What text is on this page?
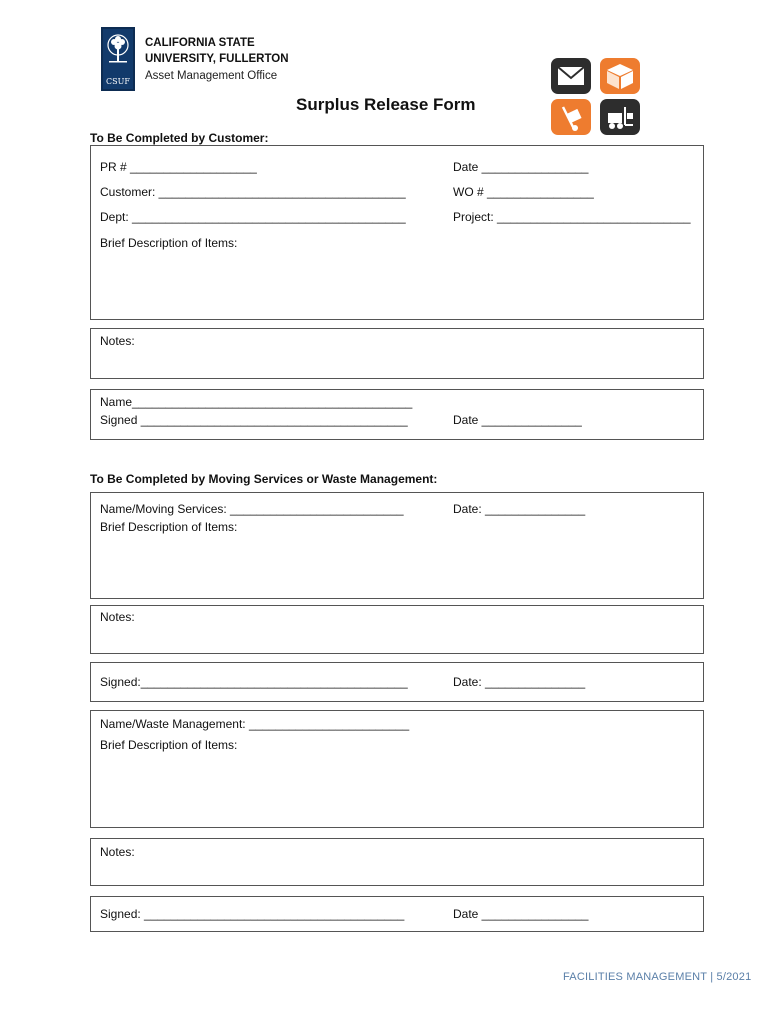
CSUF
CALIFORNIA STATE
UNIVERSITY, FULLERTON
Asset Management Office
Surplus Release Form
To Be Completed by Customer:
PR # ___________________	Date ________________
Customer: _____________________________________	WO # ________________
Dept: _________________________________________	Project: _____________________________
Brief Description of Items:
Notes:
Name__________________________________________
Signed ________________________________________	Date _______________
To Be Completed by Moving Services or Waste Management:
Name/Moving Services: __________________________	Date: _______________
Brief Description of Items:
Notes:
Signed:________________________________________	Date: _______________
Name/Waste Management: ________________________
Brief Description of Items:
Notes:
Signed: _______________________________________	Date ________________
FACILITIES MANAGEMENT | 5/2021
